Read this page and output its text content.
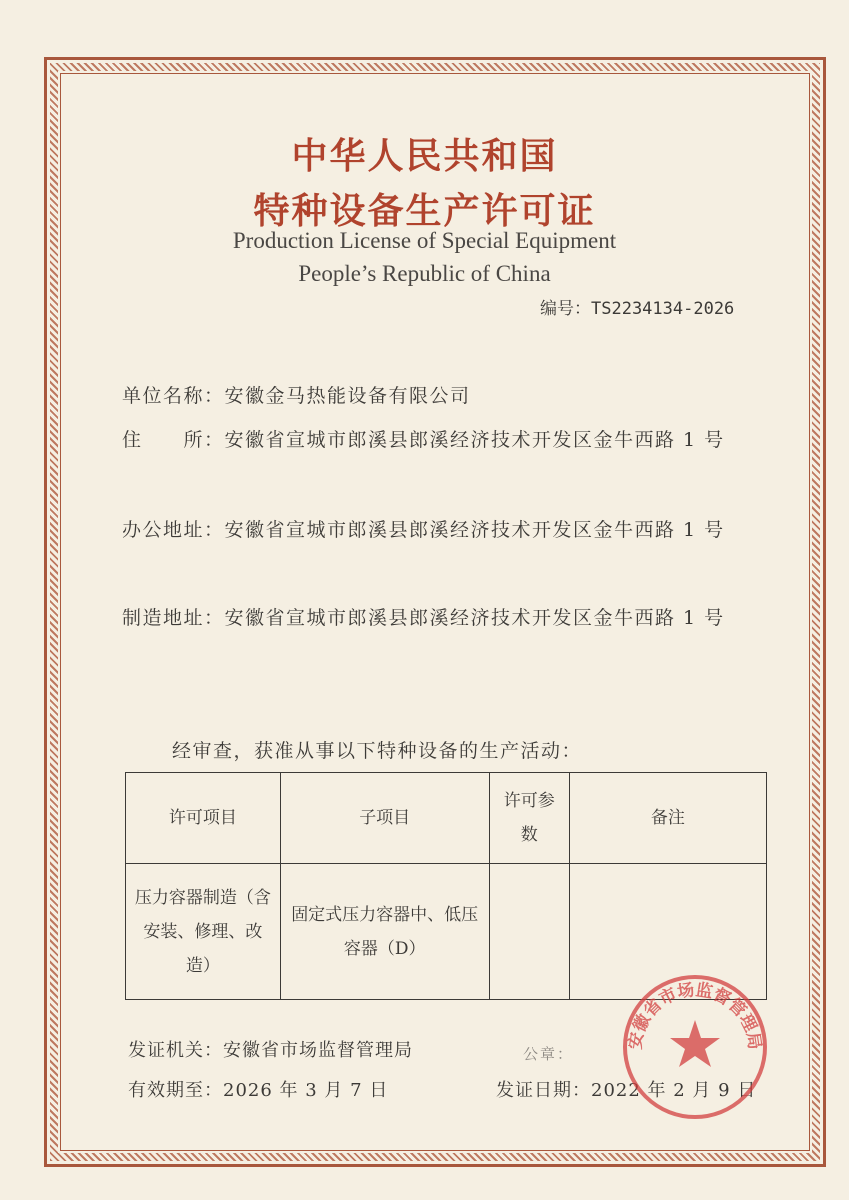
中华人民共和国
特种设备生产许可证
Production License of Special Equipment
People’s Republic of China
编号：TS2234134-2026
单位名称：安徽金马热能设备有限公司
住　　所：安徽省宣城市郎溪县郎溪经济技术开发区金牛西路 1 号
办公地址：安徽省宣城市郎溪县郎溪经济技术开发区金牛西路 1 号
制造地址：安徽省宣城市郎溪县郎溪经济技术开发区金牛西路 1 号
经审查，获准从事以下特种设备的生产活动：
许可项目	子项目	许可参数	备注
压力容器制造（含安装、修理、改造）	固定式压力容器中、低压容器（D）		
发证机关：安徽省市场监督管理局
有效期至：2026 年 3 月 7 日	发证日期：2022 年 2 月 9 日
公章：
安徽省市场监督管理局
